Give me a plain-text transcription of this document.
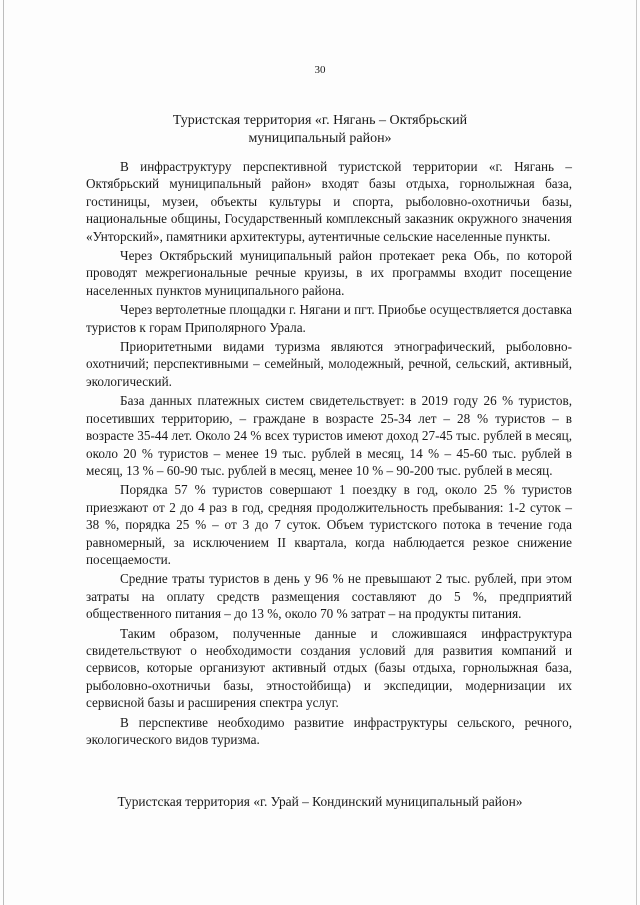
30
Туристская территория «г. Нягань – Октябрьский
муниципальный район»

В инфраструктуру перспективной туристской территории «г. Нягань – Октябрьский муниципальный район» входят базы отдыха, горнолыжная база, гостиницы, музеи, объекты культуры и спорта, рыболовно-охотничьи базы, национальные общины, Государственный комплексный заказник окружного значения «Унторский», памятники архитектуры, аутентичные сельские населенные пункты.

Через Октябрьский муниципальный район протекает река Обь, по которой проводят межрегиональные речные круизы, в их программы входит посещение населенных пунктов муниципального района.

Через вертолетные площадки г. Нягани и пгт. Приобье осуществляется доставка туристов к горам Приполярного Урала.

Приоритетными видами туризма являются этнографический, рыболовно-охотничий; перспективными – семейный, молодежный, речной, сельский, активный, экологический.

База данных платежных систем свидетельствует: в 2019 году 26 % туристов, посетивших территорию, – граждане в возрасте 25-34 лет – 28 % туристов – в возрасте 35-44 лет. Около 24 % всех туристов имеют доход 27-45 тыс. рублей в месяц, около 20 % туристов – менее 19 тыс. рублей в месяц, 14 % – 45-60 тыс. рублей в месяц, 13 % – 60-90 тыс. рублей в месяц, менее 10 % – 90-200 тыс. рублей в месяц.

Порядка 57 % туристов совершают 1 поездку в год, около 25 % туристов приезжают от 2 до 4 раз в год, средняя продолжительность пребывания: 1-2 суток – 38 %, порядка 25 % – от 3 до 7 суток. Объем туристского потока в течение года равномерный, за исключением II квартала, когда наблюдается резкое снижение посещаемости.

Средние траты туристов в день у 96 % не превышают 2 тыс. рублей, при этом затраты на оплату средств размещения составляют до 5 %, предприятий общественного питания – до 13 %, около 70 % затрат – на продукты питания.

Таким образом, полученные данные и сложившаяся инфраструктура свидетельствуют о необходимости создания условий для развития компаний и сервисов, которые организуют активный отдых (базы отдыха, горнолыжная база, рыболовно-охотничьи базы, этностойбища) и экспедиции, модернизации их сервисной базы и расширения спектра услуг.

В перспективе необходимо развитие инфраструктуры сельского, речного, экологического видов туризма.

Туристская территория «г. Урай – Кондинский муниципальный район»
